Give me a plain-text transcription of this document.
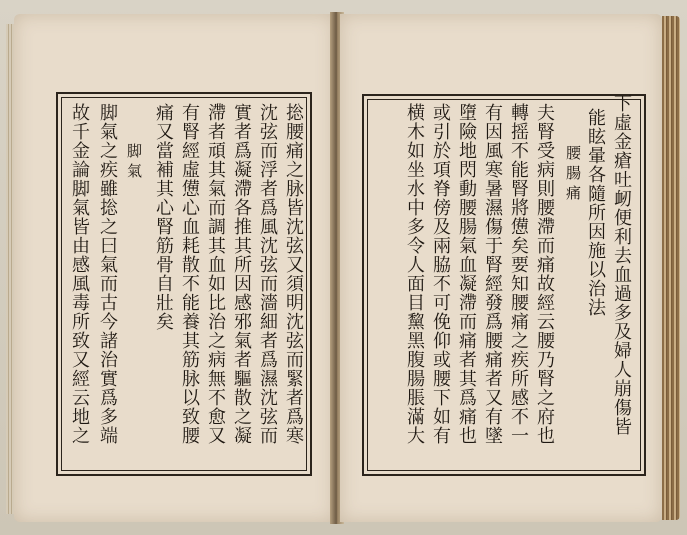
故千金論脚氣皆由感風毒所致又經云地之 脚氣之疾雖捴之曰氣而古今諸治實爲多端 脚氣 痛又當補其心腎筋骨自壯矣 有腎經虛憊心血耗散不能養其筋脉以致腰 滯者頑其氣而調其血如比治之病無不愈又 實者爲凝滯各推其所因感邪氣者驅散之凝 沈弦而浮者爲風沈弦而濇細者爲濕沈弦而 捴腰痛之脉皆沈弦又須明沈弦而緊者爲寒	下虛金瘡吐衂便利去血過多及婦人崩傷皆
能眩暈各隨所因施以治法
腰腸痛
夫腎受病則腰滯而痛故經云腰乃腎之府也
轉摇不能腎將憊矣要知腰痛之疾所感不一
有因風寒暑濕傷于腎經發爲腰痛者又有墜
墮險地閃動腰腸氣血凝滯而痛者其爲痛也
或引於項脊傍及兩脇不可俛仰或腰下如有
横木如坐水中多令人面目黧黑腹腸脹滿大
